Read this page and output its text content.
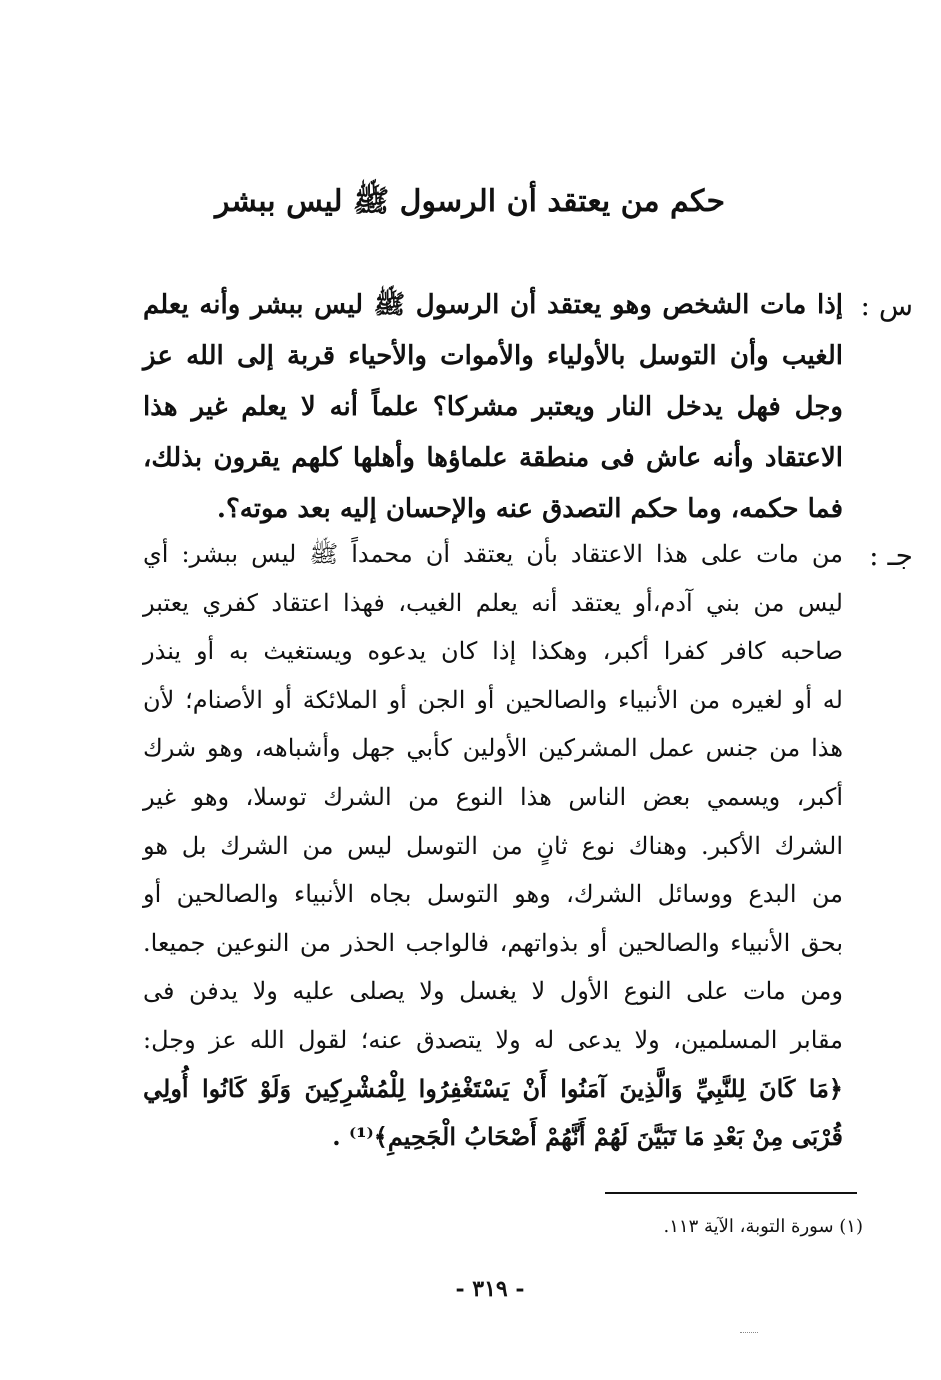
حكم من يعتقد أن الرسول ﷺ ليس ببشر
س :
إذا مات الشخص وهو يعتقد أن الرسول ﷺ ليس ببشر وأنه يعلم
الغيب وأن التوسل بالأولياء والأموات والأحياء قربة إلى الله عز
وجل فهل يدخل النار ويعتبر مشركا؟ علماً أنه لا يعلم غير هذا
الاعتقاد وأنه عاش فى منطقة علماؤها وأهلها كلهم يقرون بذلك،
فما حكمه، وما حكم التصدق عنه والإحسان إليه بعد موته؟.
جـ :
من مات على هذا الاعتقاد بأن يعتقد أن محمداً ﷺ ليس ببشر: أي
ليس من بني آدم،أو يعتقد أنه يعلم الغيب، فهذا اعتقاد كفري يعتبر
صاحبه كافر كفرا أكبر، وهكذا إذا كان يدعوه ويستغيث به أو ينذر
له أو لغيره من الأنبياء والصالحين أو الجن أو الملائكة أو الأصنام؛ لأن
هذا من جنس عمل المشركين الأولين كأبي جهل وأشباهه، وهو شرك
أكبر، ويسمي بعض الناس هذا النوع من الشرك توسلا، وهو غير
الشرك الأكبر. وهناك نوع ثانٍ من التوسل ليس من الشرك بل هو
من البدع ووسائل الشرك، وهو التوسل بجاه الأنبياء والصالحين أو
بحق الأنبياء والصالحين أو بذواتهم، فالواجب الحذر من النوعين جميعا.
ومن مات على النوع الأول لا يغسل ولا يصلى عليه ولا يدفن فى
مقابر المسلمين، ولا يدعى له ولا يتصدق عنه؛ لقول الله عز وجل:
﴿مَا كَانَ لِلنَّبِيِّ وَالَّذِينَ آمَنُوا أَنْ يَسْتَغْفِرُوا لِلْمُشْرِكِينَ وَلَوْ كَانُوا أُولِي
قُرْبَى مِنْ بَعْدِ مَا تَبَيَّنَ لَهُمْ أَنَّهُمْ أَصْحَابُ الْجَحِيمِ﴾⁽¹⁾ .
(١) سورة التوبة، الآية ١١٣.
- ٣١٩ -
